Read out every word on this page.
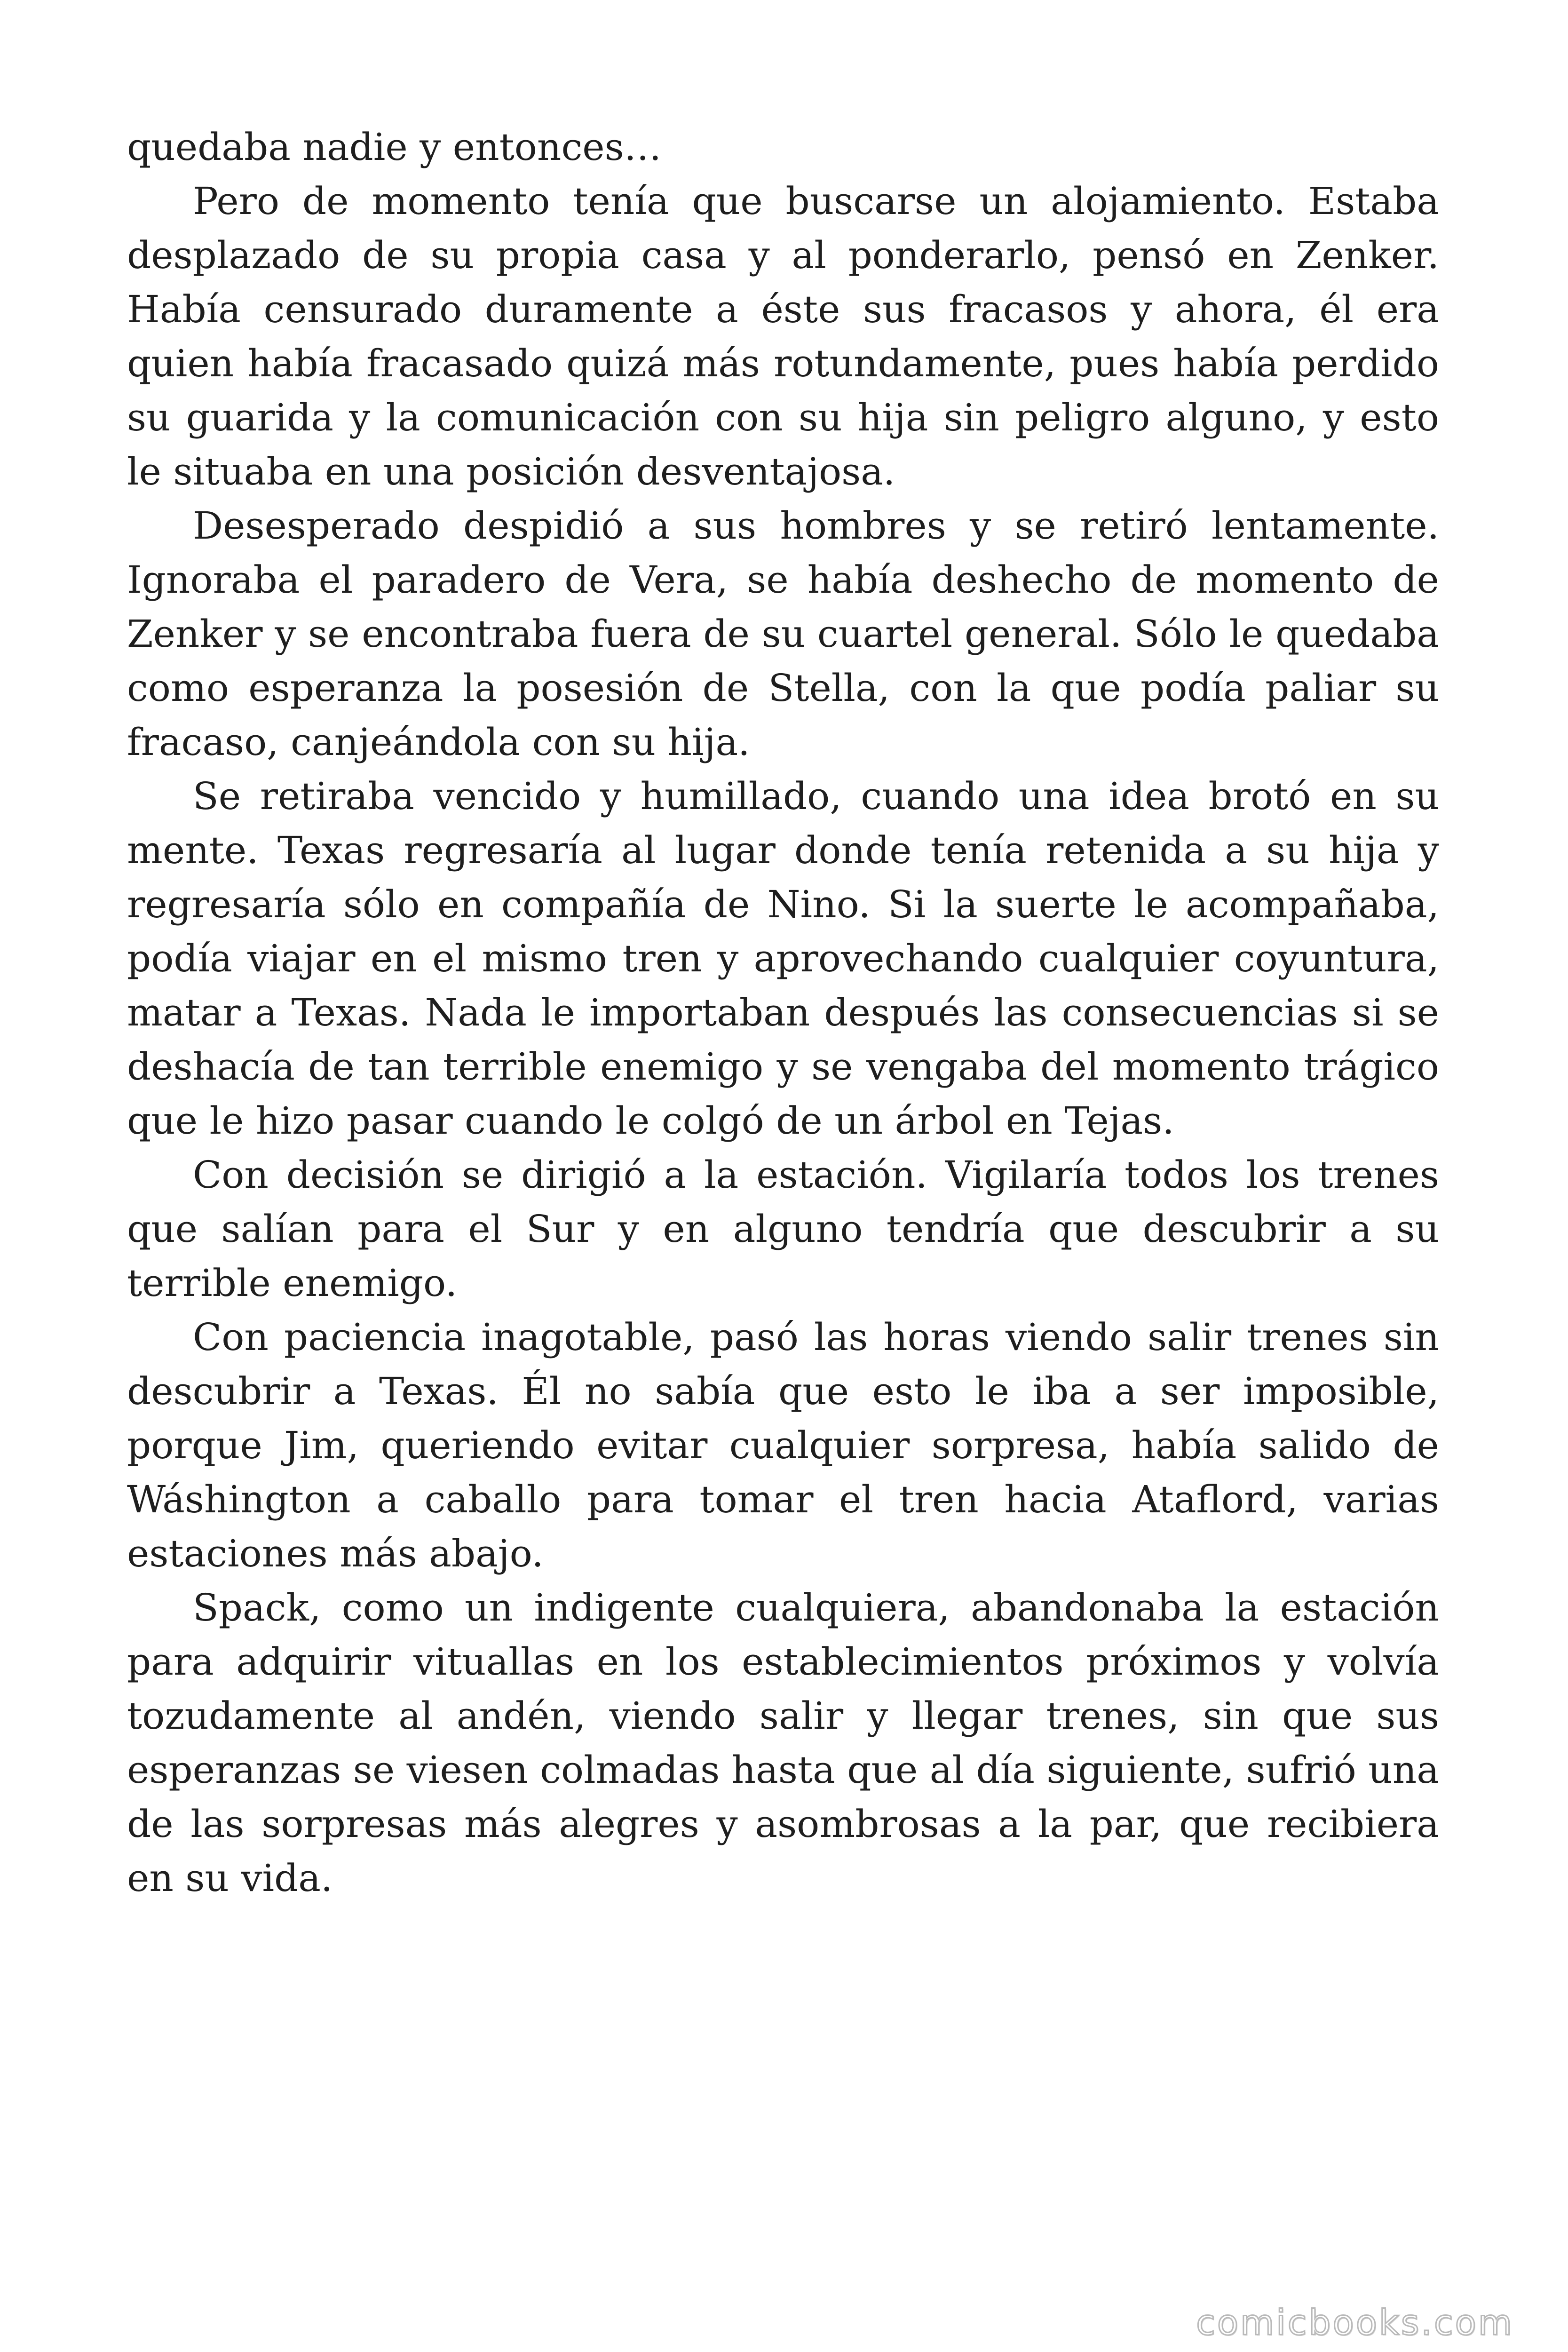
quedaba nadie y entonces…

Pero de momento tenía que buscarse un alojamiento. Estaba desplazado de su propia casa y al ponderarlo, pensó en Zenker. Había censurado duramente a éste sus fracasos y ahora, él era quien había fracasado quizá más rotundamente, pues había perdido su guarida y la comunicación con su hija sin peligro alguno, y esto le situaba en una posición desventajosa.

Desesperado despidió a sus hombres y se retiró lentamente. Ignoraba el paradero de Vera, se había deshecho de momento de Zenker y se encontraba fuera de su cuartel general. Sólo le quedaba como esperanza la posesión de Stella, con la que podía paliar su fracaso, canjeándola con su hija.

Se retiraba vencido y humillado, cuando una idea brotó en su mente. Texas regresaría al lugar donde tenía retenida a su hija y regresaría sólo en compañía de Nino. Si la suerte le acompañaba, podía viajar en el mismo tren y aprovechando cualquier coyuntura, matar a Texas. Nada le importaban después las consecuencias si se deshacía de tan terrible enemigo y se vengaba del momento trágico que le hizo pasar cuando le colgó de un árbol en Tejas.

Con decisión se dirigió a la estación. Vigilaría todos los trenes que salían para el Sur y en alguno tendría que descubrir a su terrible enemigo.

Con paciencia inagotable, pasó las horas viendo salir trenes sin descubrir a Texas. Él no sabía que esto le iba a ser imposible, porque Jim, queriendo evitar cualquier sorpresa, había salido de Wáshington a caballo para tomar el tren hacia Ataflord, varias estaciones más abajo.

Spack, como un indigente cualquiera, abandonaba la estación para adquirir vituallas en los establecimientos próximos y volvía tozudamente al andén, viendo salir y llegar trenes, sin que sus esperanzas se viesen colmadas hasta que al día siguiente, sufrió una de las sorpresas más alegres y asombrosas a la par, que recibiera en su vida.

comicbooks.com
